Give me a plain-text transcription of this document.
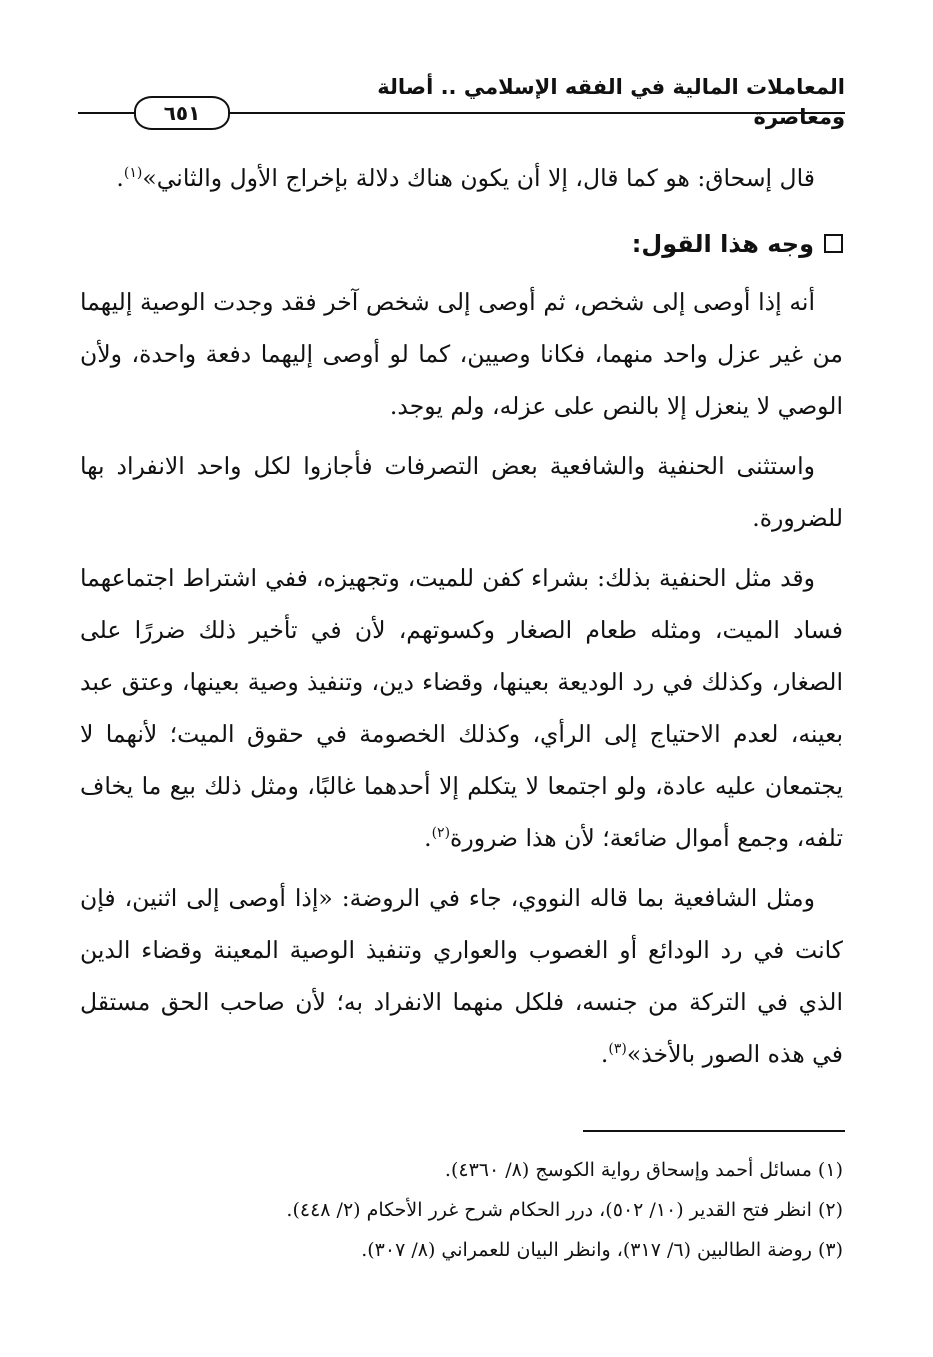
المعاملات المالية في الفقه الإسلامي .. أصالة ومعاصرة
٦٥١

قال إسحاق: هو كما قال، إلا أن يكون هناك دلالة بإخراج الأول والثاني»$^{(١)}$.

وجه هذا القول:

أنه إذا أوصى إلى شخص، ثم أوصى إلى شخص آخر فقد وجدت الوصية إليهما من غير عزل واحد منهما، فكانا وصيين، كما لو أوصى إليهما دفعة واحدة، ولأن الوصي لا ينعزل إلا بالنص على عزله، ولم يوجد.

واستثنى الحنفية والشافعية بعض التصرفات فأجازوا لكل واحد الانفراد بها للضرورة.

وقد مثل الحنفية بذلك: بشراء كفن للميت، وتجهيزه، ففي اشتراط اجتماعهما فساد الميت، ومثله طعام الصغار وكسوتهم، لأن في تأخير ذلك ضررًا على الصغار، وكذلك في رد الوديعة بعينها، وقضاء دين، وتنفيذ وصية بعينها، وعتق عبد بعينه، لعدم الاحتياج إلى الرأي، وكذلك الخصومة في حقوق الميت؛ لأنهما لا يجتمعان عليه عادة، ولو اجتمعا لا يتكلم إلا أحدهما غالبًا، ومثل ذلك بيع ما يخاف تلفه، وجمع أموال ضائعة؛ لأن هذا ضرورة$^{(٢)}$.

ومثل الشافعية بما قاله النووي، جاء في الروضة: «إذا أوصى إلى اثنين، فإن كانت في رد الودائع أو الغصوب والعواري وتنفيذ الوصية المعينة وقضاء الدين الذي في التركة من جنسه، فلكل منهما الانفراد به؛ لأن صاحب الحق مستقل في هذه الصور بالأخذ»$^{(٣)}$.

(١) مسائل أحمد وإسحاق رواية الكوسج (٨/ ٤٣٦٠).

(٢) انظر فتح القدير (١٠/ ٥٠٢)، درر الحكام شرح غرر الأحكام (٢/ ٤٤٨).

(٣) روضة الطالبين (٦/ ٣١٧)، وانظر البيان للعمراني (٨/ ٣٠٧).
